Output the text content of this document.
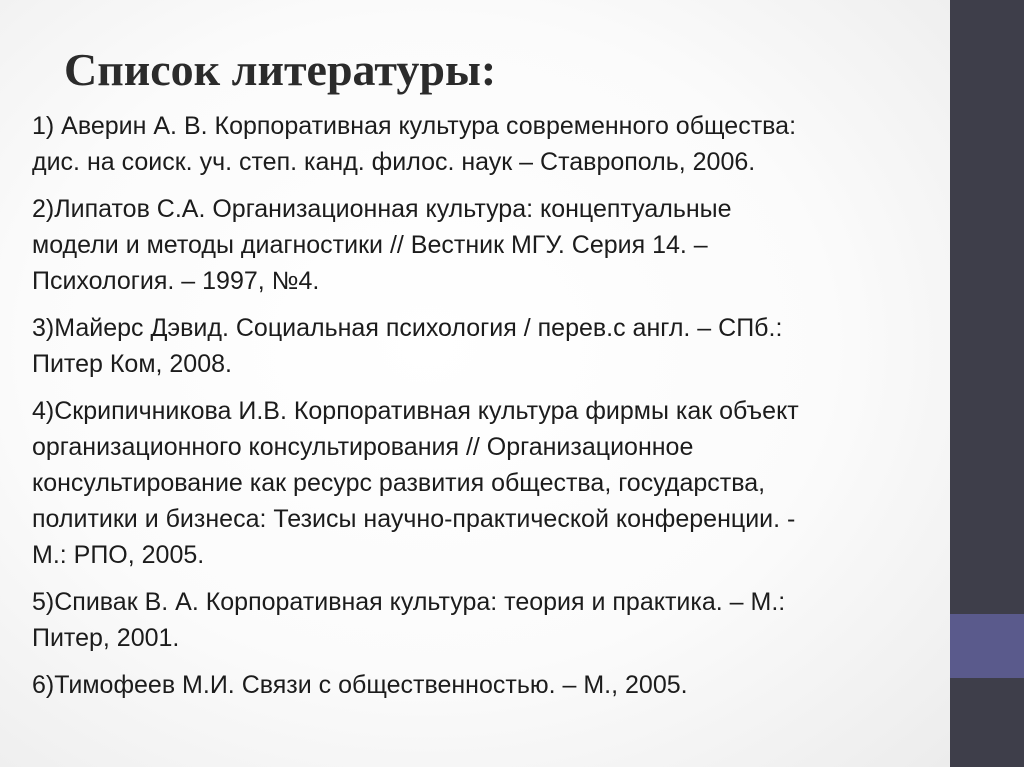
Список литературы:
1) Аверин А. В. Корпоративная культура современного общества:
дис. на соиск. уч. степ. канд. филос. наук – Ставрополь, 2006.
2)Липатов С.А. Организационная культура: концептуальные
модели и методы диагностики // Вестник МГУ. Серия 14. –
Психология. – 1997, №4.
3)Майерс Дэвид. Социальная психология / перев.с англ. – СПб.:
Питер Ком, 2008.
4)Скрипичникова И.В. Корпоративная культура фирмы как объект
организационного консультирования // Организационное
консультирование как ресурс развития общества, государства,
политики и бизнеса: Тезисы научно-практической конференции. -
М.: РПО, 2005.
5)Спивак В. А. Корпоративная культура: теория и практика. – М.:
Питер, 2001.
6)Тимофеев М.И. Связи с общественностью. – М., 2005.
